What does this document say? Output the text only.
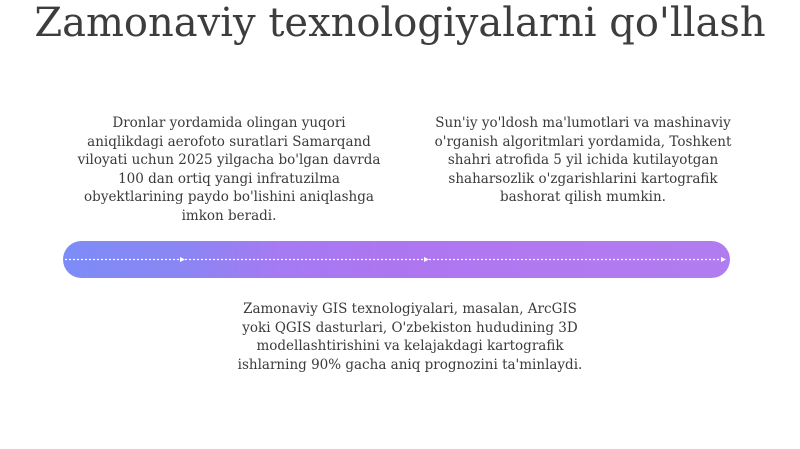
Zamonaviy texnologiyalarni qo'llash

Dronlar yordamida olingan yuqori aniqlikdagi aerofoto suratlari Samarqand viloyati uchun 2025 yilgacha bo'lgan davrda 100 dan ortiq yangi infratuzilma obyektlarining paydo bo'lishini aniqlashga imkon beradi.

Sun'iy yo'ldosh ma'lumotlari va mashinaviy o'rganish algoritmlari yordamida, Toshkent shahri atrofida 5 yil ichida kutilayotgan shaharsozlik o'zgarishlarini kartografik bashorat qilish mumkin.

Zamonaviy GIS texnologiyalari, masalan, ArcGIS yoki QGIS dasturlari, O'zbekiston hududining 3D modellashtirishini va kelajakdagi kartografik ishlarning 90% gacha aniq prognozini ta'minlaydi.
